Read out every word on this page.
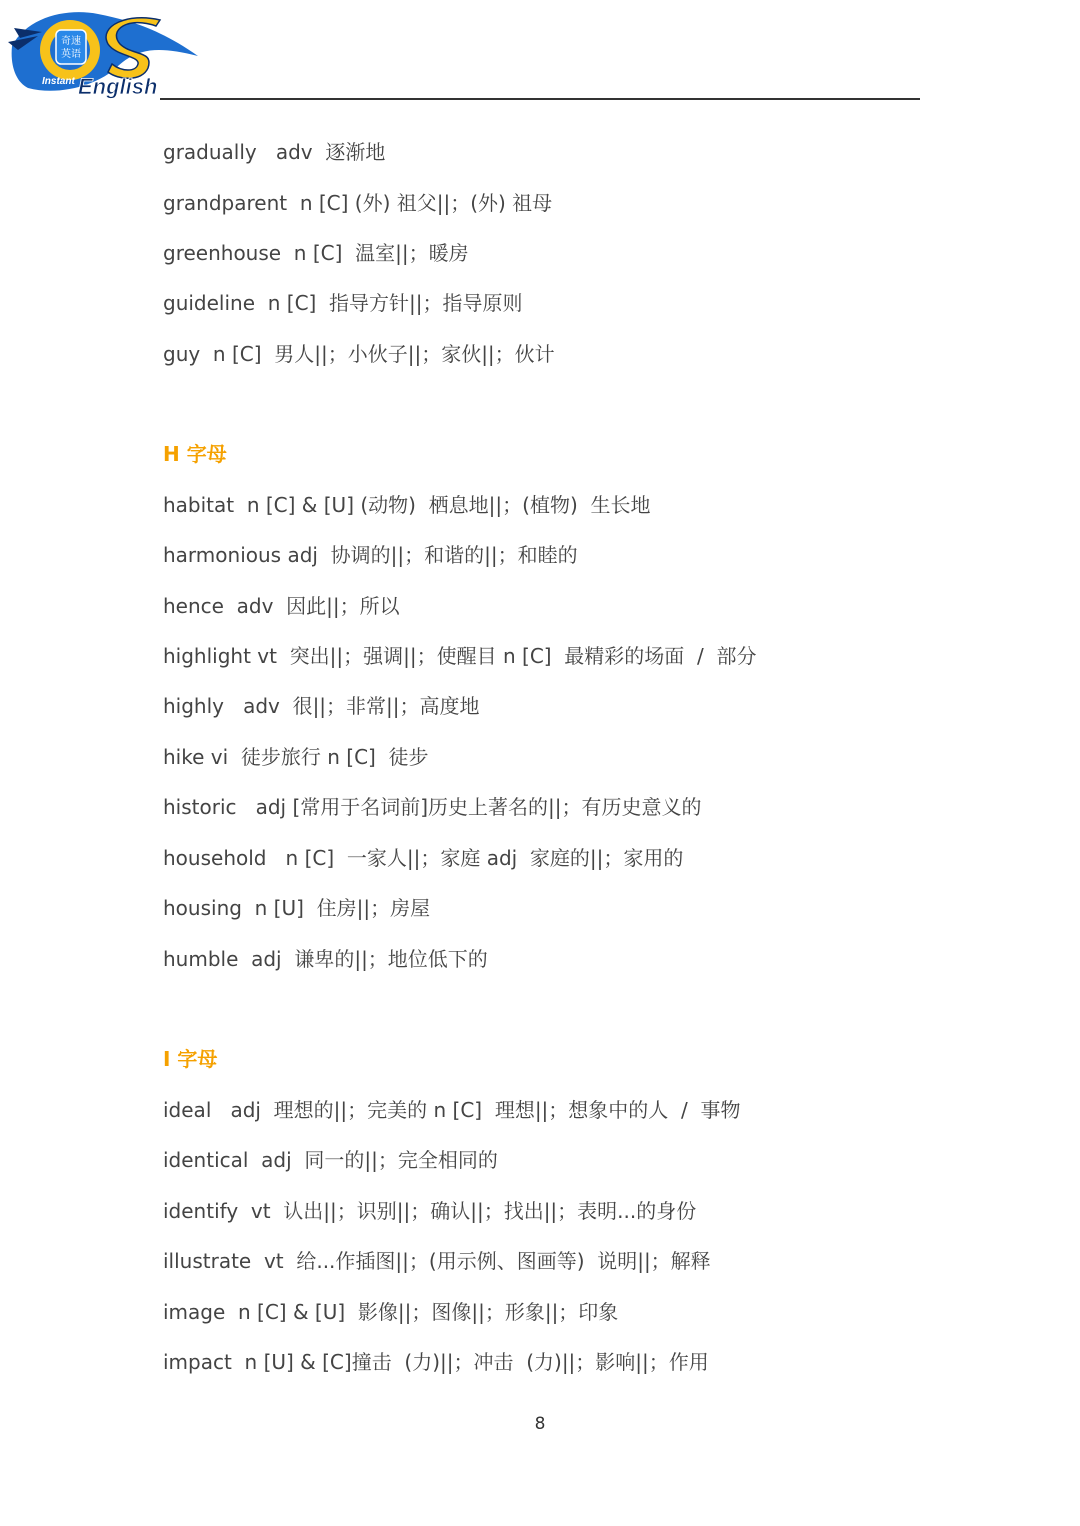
奇速
英语
Instant English
gradually   adv  逐渐地
grandparent  n [C] (外) 祖父||；(外) 祖母
greenhouse  n [C]  温室||；暖房
guideline  n [C]  指导方针||；指导原则
guy  n [C]  男人||；小伙子||；家伙||；伙计
H 字母
habitat  n [C] & [U] (动物)  栖息地||；(植物)  生长地
harmonious adj  协调的||；和谐的||；和睦的
hence  adv  因此||；所以
highlight vt  突出||；强调||；使醒目 n [C]  最精彩的场面  /  部分
highly   adv  很||；非常||；高度地
hike vi  徒步旅行 n [C]  徒步
historic   adj [常用于名词前]历史上著名的||；有历史意义的
household   n [C]  一家人||；家庭 adj  家庭的||；家用的
housing  n [U]  住房||；房屋
humble  adj  谦卑的||；地位低下的
I 字母
ideal   adj  理想的||；完美的 n [C]  理想||；想象中的人  /  事物
identical  adj  同一的||；完全相同的
identify  vt  认出||；识别||；确认||；找出||；表明...的身份
illustrate  vt  给...作插图||；(用示例、图画等)  说明||；解释
image  n [C] & [U]  影像||；图像||；形象||；印象
impact  n [U] & [C]撞击  (力)||；冲击  (力)||；影响||；作用
8
